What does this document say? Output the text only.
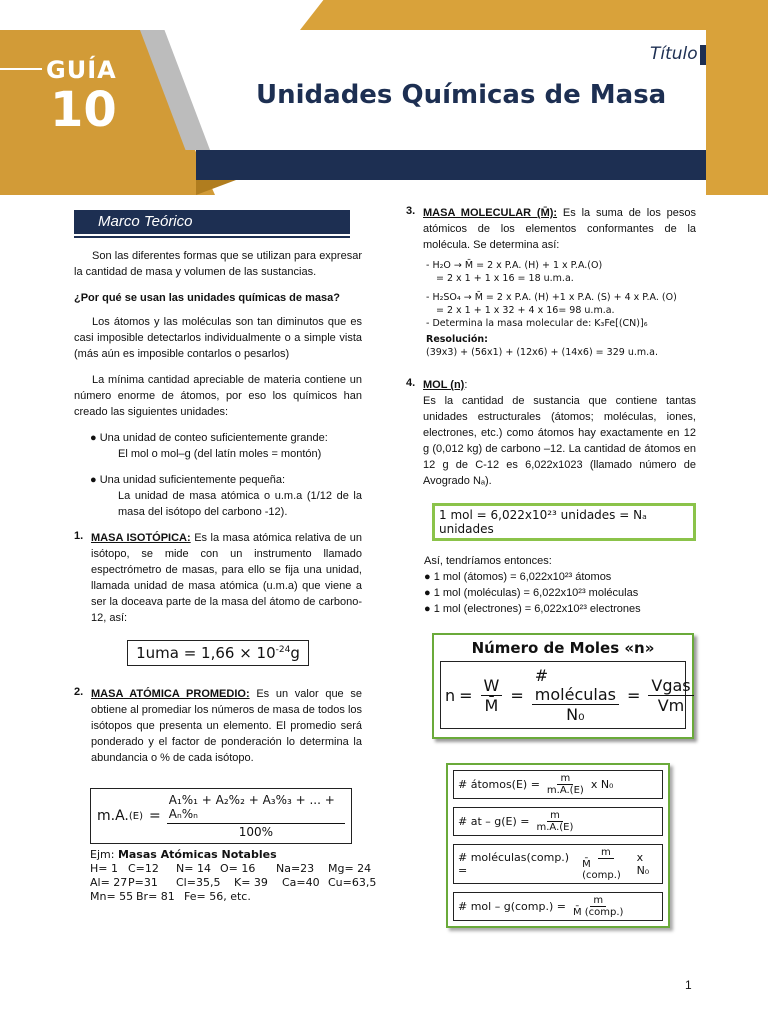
GUÍA
10	Unidades Químicas de Masa
Título
Marco Teórico

Son las diferentes formas que se utilizan para expresar la cantidad de masa y volumen de las sustancias.

¿Por qué se usan las unidades químicas de masa?

Los átomos y las moléculas son tan diminutos que es casi imposible detectarlos individualmente o a simple vista (más aún es imposible contarlos o pesarlos)

La mínima cantidad apreciable de materia contiene un número enorme de átomos, por eso los químicos han creado las siguientes unidades:

● Una unidad de conteo suficientemente grande:

El mol o mol–g (del latín moles = montón)

● Una unidad suficientemente pequeña:

La unidad de masa atómica o u.m.a (1/12 de la masa del isótopo del carbono -12).

1. MASA ISOTÓPICA: Es la masa atómica relativa de un isótopo, se mide con un instrumento llamado espectrómetro de masas, para ello se fija una unidad, llamada unidad de masa atómica (u.m.a) que viene a ser la doceava parte de la masa del átomo de carbono-12, así:

$1uma = 1,66 \times 10^{-24}g$
2. MASA ATÓMICA PROMEDIO: Es un valor que se obtiene al promediar los números de masa de todos los isótopos que presenta un elemento. El promedio será ponderado y el factor de ponderación lo determina la abundancia o % de cada isótopo.

m.A. $(E) = \frac{\text{A₁\%₁ + A₂\%₂ + A₃\%₃ + ... + Aₙ\%ₙ}}{100\%}$
Ejm: Masas Atómicas Notables
H= 1 C=12	N= 14 O= 16	Na=23	Mg= 24
Al= 27 P=31	Cl=35,5	K= 39	Ca=40 Cu=63,5
Mn= 55 Br= 81 Fe= 56, etc.
3. MASA MOLECULAR (M̄): Es la suma de los pesos atómicos de los elementos conformantes de la molécula. Se determina así:

- H₂O → M̄ = 2 x P.A. (H) + 1 x P.A.(O)
= 2 x 1 + 1 x 16 = 18 u.m.a.
- H₂SO₄ → M̄ = 2 x P.A. (H) +1 x P.A. (S) + 4 x P.A. (O)
= 2 x 1 + 1 x 32 + 4 x 16= 98 u.m.a.
- Determina la masa molecular de: K₃Fe[(CN)]₆
Resolución:
(39x3) + (56x1) + (12x6) + (14x6) = 329 u.m.a.
4. MOL (n):

Es la cantidad de sustancia que contiene tantas unidades estructurales (átomos; moléculas, iones, electrones, etc.) como átomos hay exactamente en 12 g (0,012 kg) de carbono –12. La cantidad de átomos en 12 g de C-12 es 6,022x1023 (llamado número de Avogrado Nₐ).

1 mol = 6,022x10²³ unidades = Nₐ unidades

Así, tendríamos entonces:

● 1 mol (átomos) = 6,022x10²³ átomos

● 1 mol (moléculas) = 6,022x10²³ moléculas

● 1 mol (electrones) = 6,022x10²³ electrones

Número de Moles «n»
$n = \frac{W}{M̄} = \frac{\text{\# moléculas}}{\text{N₀}} = \frac{\text{Vgas}}{Vm}$
# átomos(E) = $\frac{m}{m.A.(E)}$ x N₀
# at – $g(E) = \frac{m}{m.A.(E)}$
# moléculas(comp.) =	$\frac{m}{\text{M̄ (comp.)}}$ x N₀
# mol – g(comp.) = $\frac{m}{\text{M̄ (comp.)}}$
1
